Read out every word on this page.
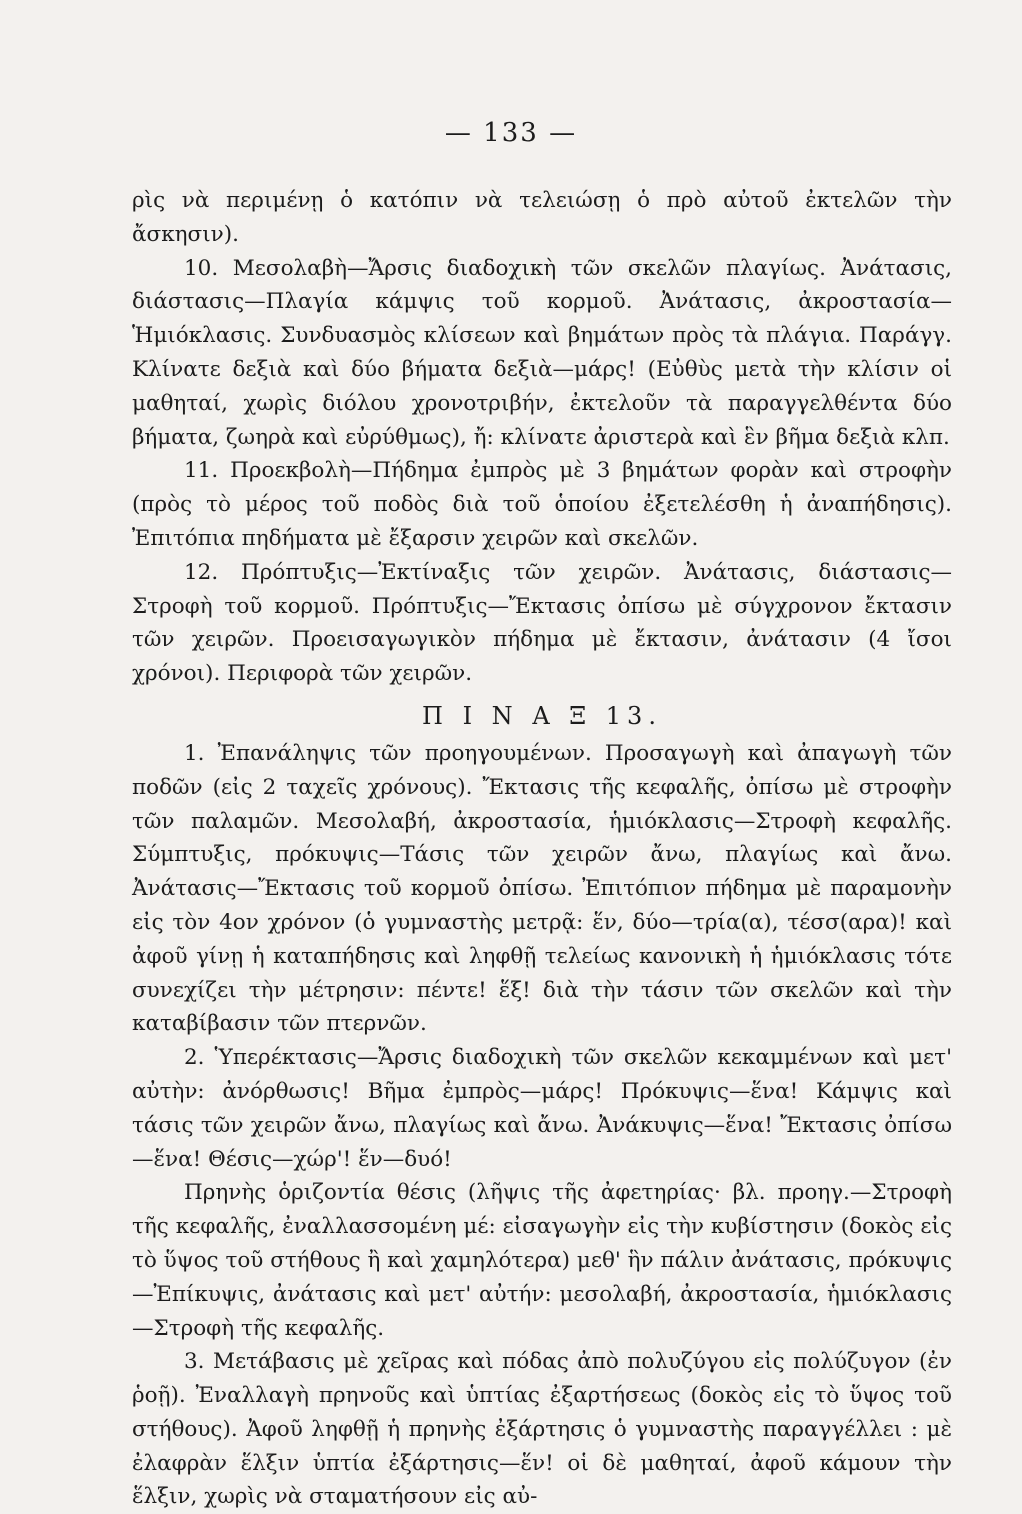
— 133 —

ρὶς νὰ περιμένῃ ὁ κατόπιν νὰ τελειώσῃ ὁ πρὸ αὐτοῦ ἐκτελῶν τὴν ἄσκησιν).

10. Μεσολαβὴ—Ἄρσις διαδοχικὴ τῶν σκελῶν πλαγίως. Ἀνάτασις, διάστασις—Πλαγία κάμψις τοῦ κορμοῦ. Ἀνάτασις, ἀκροστασία—Ἡμιόκλασις. Συνδυασμὸς κλίσεων καὶ βημάτων πρὸς τὰ πλάγια. Παράγγ. Κλίνατε δεξιὰ καὶ δύο βήματα δεξιὰ—μάρς! (Εὐθὺς μετὰ τὴν κλίσιν οἱ μαθηταί, χωρὶς διόλου χρονοτριβήν, ἐκτελοῦν τὰ παραγγελθέντα δύο βήματα, ζωηρὰ καὶ εὐρύθμως), ἤ: κλίνατε ἀριστερὰ καὶ ἓν βῆμα δεξιὰ κλπ.

11. Προεκβολὴ—Πήδημα ἐμπρὸς μὲ 3 βημάτων φορὰν καὶ στροφὴν (πρὸς τὸ μέρος τοῦ ποδὸς διὰ τοῦ ὁποίου ἐξετελέσθη ἡ ἀναπήδησις). Ἐπιτόπια πηδήματα μὲ ἔξαρσιν χειρῶν καὶ σκελῶν.

12. Πρόπτυξις—Ἐκτίναξις τῶν χειρῶν. Ἀνάτασις, διάστασις—Στροφὴ τοῦ κορμοῦ. Πρόπτυξις—Ἔκτασις ὀπίσω μὲ σύγχρονον ἔκτασιν τῶν χειρῶν. Προεισαγωγικὸν πήδημα μὲ ἔκτασιν, ἀνάτασιν (4 ἴσοι χρόνοι). Περιφορὰ τῶν χειρῶν.

Π Ι Ν Α Ξ 13.

1. Ἐπανάληψις τῶν προηγουμένων. Προσαγωγὴ καὶ ἀπαγωγὴ τῶν ποδῶν (εἰς 2 ταχεῖς χρόνους). Ἔκτασις τῆς κεφαλῆς, ὀπίσω μὲ στροφὴν τῶν παλαμῶν. Μεσολαβή, ἀκροστασία, ἡμιόκλασις—Στροφὴ κεφαλῆς. Σύμπτυξις, πρόκυψις—Τάσις τῶν χειρῶν ἄνω, πλαγίως καὶ ἄνω. Ἀνάτασις—Ἔκτασις τοῦ κορμοῦ ὀπίσω. Ἐπιτόπιον πήδημα μὲ παραμονὴν εἰς τὸν 4ον χρόνον (ὁ γυμναστὴς μετρᾷ: ἕν, δύο—τρία(α), τέσσ(αρα)! καὶ ἀφοῦ γίνῃ ἡ καταπήδησις καὶ ληφθῇ τελείως κανονικὴ ἡ ἡμιόκλασις τότε συνεχίζει τὴν μέτρησιν: πέντε! ἕξ! διὰ τὴν τάσιν τῶν σκελῶν καὶ τὴν καταβίβασιν τῶν πτερνῶν.

2. Ὑπερέκτασις—Ἄρσις διαδοχικὴ τῶν σκελῶν κεκαμμένων καὶ μετ' αὐτὴν: ἀνόρθωσις! Βῆμα ἐμπρὸς—μάρς! Πρόκυψις—ἕνα! Κάμψις καὶ τάσις τῶν χειρῶν ἄνω, πλαγίως καὶ ἄνω. Ἀνάκυψις—ἕνα! Ἔκτασις ὀπίσω—ἕνα! Θέσις—χώρ'! ἕν—δυό!

Πρηνὴς ὁριζοντία θέσις (λῆψις τῆς ἀφετηρίας· βλ. προηγ.—Στροφὴ τῆς κεφαλῆς, ἐναλλασσομένη μέ: εἰσαγωγὴν εἰς τὴν κυβίστησιν (δοκὸς εἰς τὸ ὕψος τοῦ στήθους ἢ καὶ χαμηλότερα) μεθ' ἣν πάλιν ἀνάτασις, πρόκυψις—Ἐπίκυψις, ἀνάτασις καὶ μετ' αὐτήν: μεσολαβή, ἀκροστασία, ἡμιόκλασις—Στροφὴ τῆς κεφαλῆς.

3. Μετάβασις μὲ χεῖρας καὶ πόδας ἀπὸ πολυζύγου εἰς πολύζυγον (ἐν ῥοῇ). Ἐναλλαγὴ πρηνοῦς καὶ ὑπτίας ἐξαρτήσεως (δοκὸς εἰς τὸ ὕψος τοῦ στήθους). Ἀφοῦ ληφθῇ ἡ πρηνὴς ἐξάρτησις ὁ γυμναστὴς παραγγέλλει : μὲ ἐλαφρὰν ἕλξιν ὑπτία ἐξάρτησις—ἕν! οἱ δὲ μαθηταί, ἀφοῦ κάμουν τὴν ἕλξιν, χωρὶς νὰ σταματήσουν εἰς αὐ-
